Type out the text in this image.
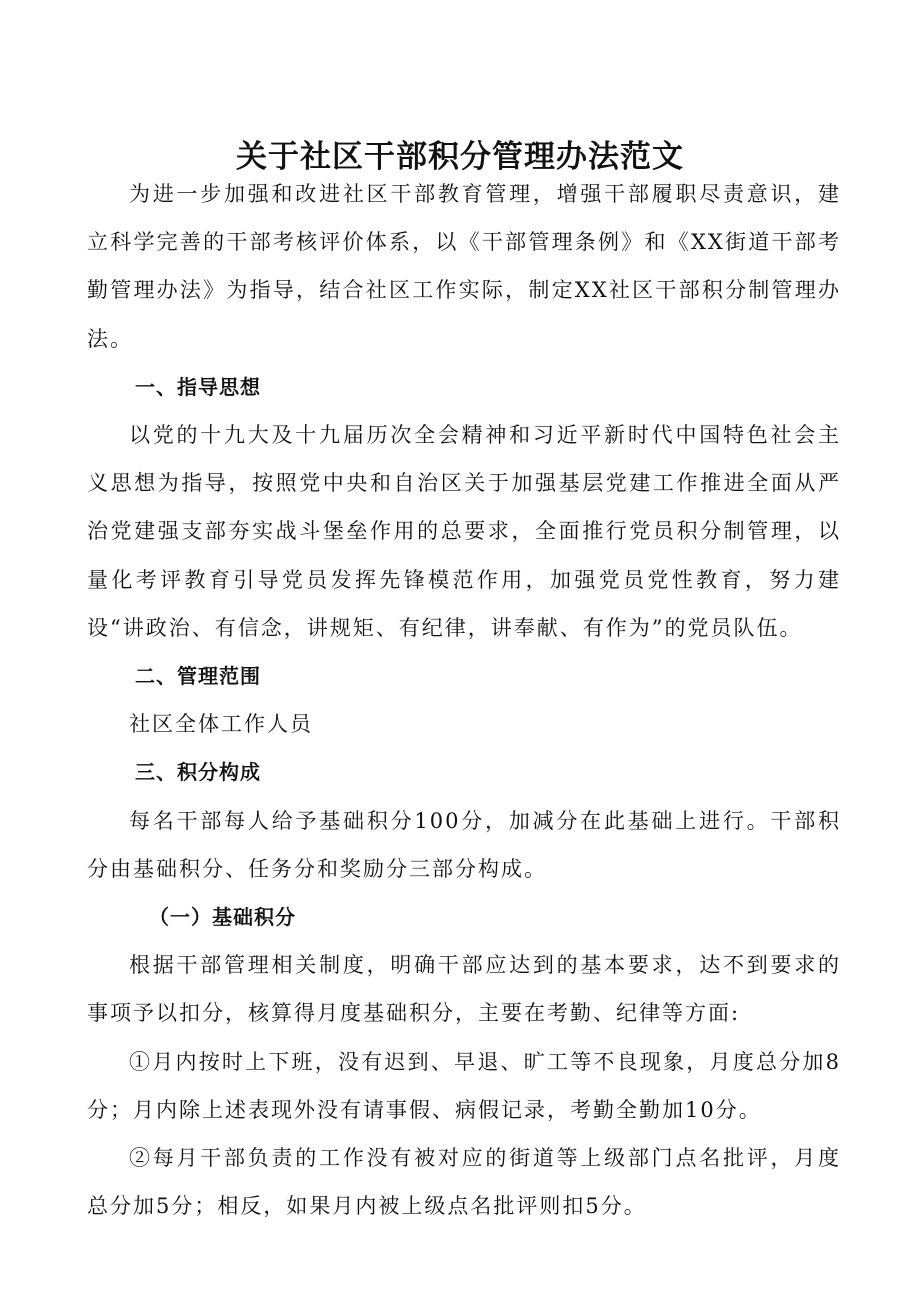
关于社区干部积分管理办法范文

为进一步加强和改进社区干部教育管理，增强干部履职尽责意识，建立科学完善的干部考核评价体系，以《干部管理条例》和《XX街道干部考勤管理办法》为指导，结合社区工作实际，制定XX社区干部积分制管理办法。

一、指导思想

以党的十九大及十九届历次全会精神和习近平新时代中国特色社会主义思想为指导，按照党中央和自治区关于加强基层党建工作推进全面从严治党建强支部夯实战斗堡垒作用的总要求，全面推行党员积分制管理，以量化考评教育引导党员发挥先锋模范作用，加强党员党性教育，努力建设“讲政治、有信念，讲规矩、有纪律，讲奉献、有作为”的党员队伍。

二、管理范围

社区全体工作人员

三、积分构成

每名干部每人给予基础积分100分，加减分在此基础上进行。干部积分由基础积分、任务分和奖励分三部分构成。

（一）基础积分

根据干部管理相关制度，明确干部应达到的基本要求，达不到要求的事项予以扣分，核算得月度基础积分，主要在考勤、纪律等方面:

①月内按时上下班，没有迟到、早退、旷工等不良现象，月度总分加8分；月内除上述表现外没有请事假、病假记录，考勤全勤加10分。

②每月干部负责的工作没有被对应的街道等上级部门点名批评，月度总分加5分；相反，如果月内被上级点名批评则扣5分。
